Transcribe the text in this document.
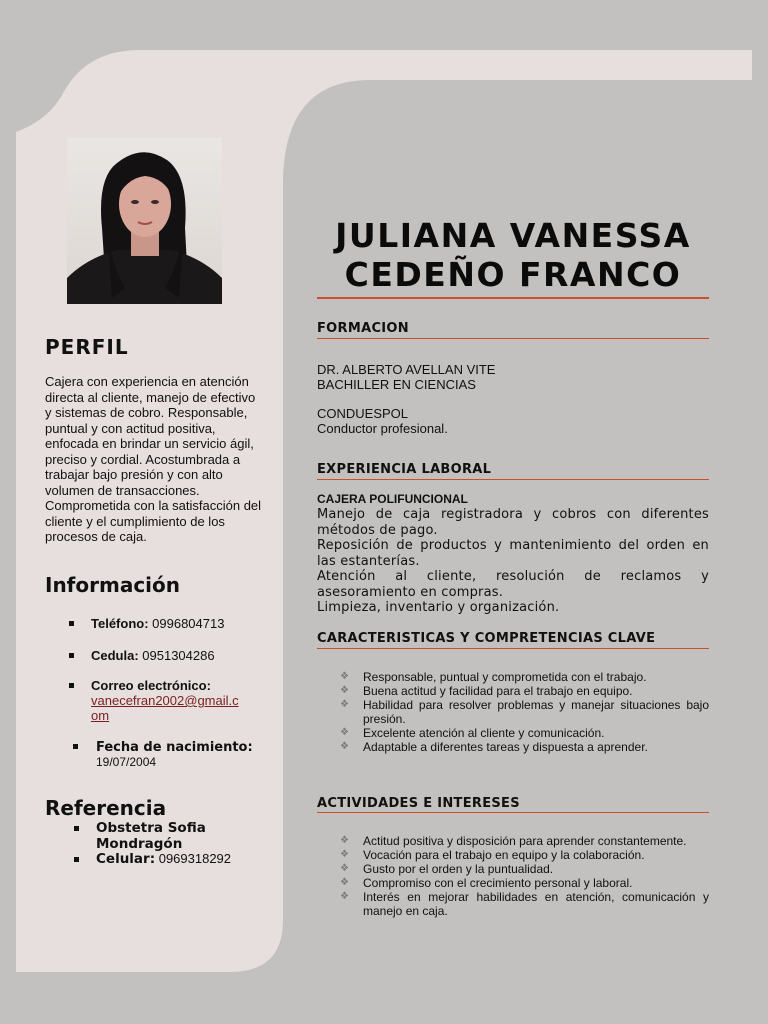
PERFIL
Cajera con experiencia en atención directa al cliente, manejo de efectivo y sistemas de cobro. Responsable, puntual y con actitud positiva, enfocada en brindar un servicio ágil, preciso y cordial. Acostumbrada a trabajar bajo presión y con alto volumen de transacciones. Comprometida con la satisfacción del cliente y el cumplimiento de los procesos de caja.
Información
Teléfono: 0996804713
Cedula: 0951304286
Correo electrónico:
vanecefran2002@gmail.c
om
Fecha de nacimiento:
19/07/2004
Referencia
Obstetra Sofia
Mondragón
Celular: 0969318292
JULIANA VANESSA
CEDEÑO FRANCO
FORMACION
DR. ALBERTO AVELLAN VITE
BACHILLER EN CIENCIAS
CONDUESPOL
Conductor profesional.
EXPERIENCIA LABORAL
CAJERA POLIFUNCIONAL

Manejo de caja registradora y cobros con diferentes métodos de pago.

Reposición de productos y mantenimiento del orden en las estanterías.

Atención al cliente, resolución de reclamos y asesoramiento en compras.

Limpieza, inventario y organización.

CARACTERISTICAS Y COMPRETENCIAS CLAVE
❖ Responsable, puntual y comprometida con el trabajo.
❖ Buena actitud y facilidad para el trabajo en equipo.
❖ Habilidad para resolver problemas y manejar situaciones bajo presión.
❖ Excelente atención al cliente y comunicación.
❖ Adaptable a diferentes tareas y dispuesta a aprender.
ACTIVIDADES E INTERESES
❖ Actitud positiva y disposición para aprender constantemente.
❖ Vocación para el trabajo en equipo y la colaboración.
❖ Gusto por el orden y la puntualidad.
❖ Compromiso con el crecimiento personal y laboral.
❖ Interés en mejorar habilidades en atención, comunicación y manejo en caja.
